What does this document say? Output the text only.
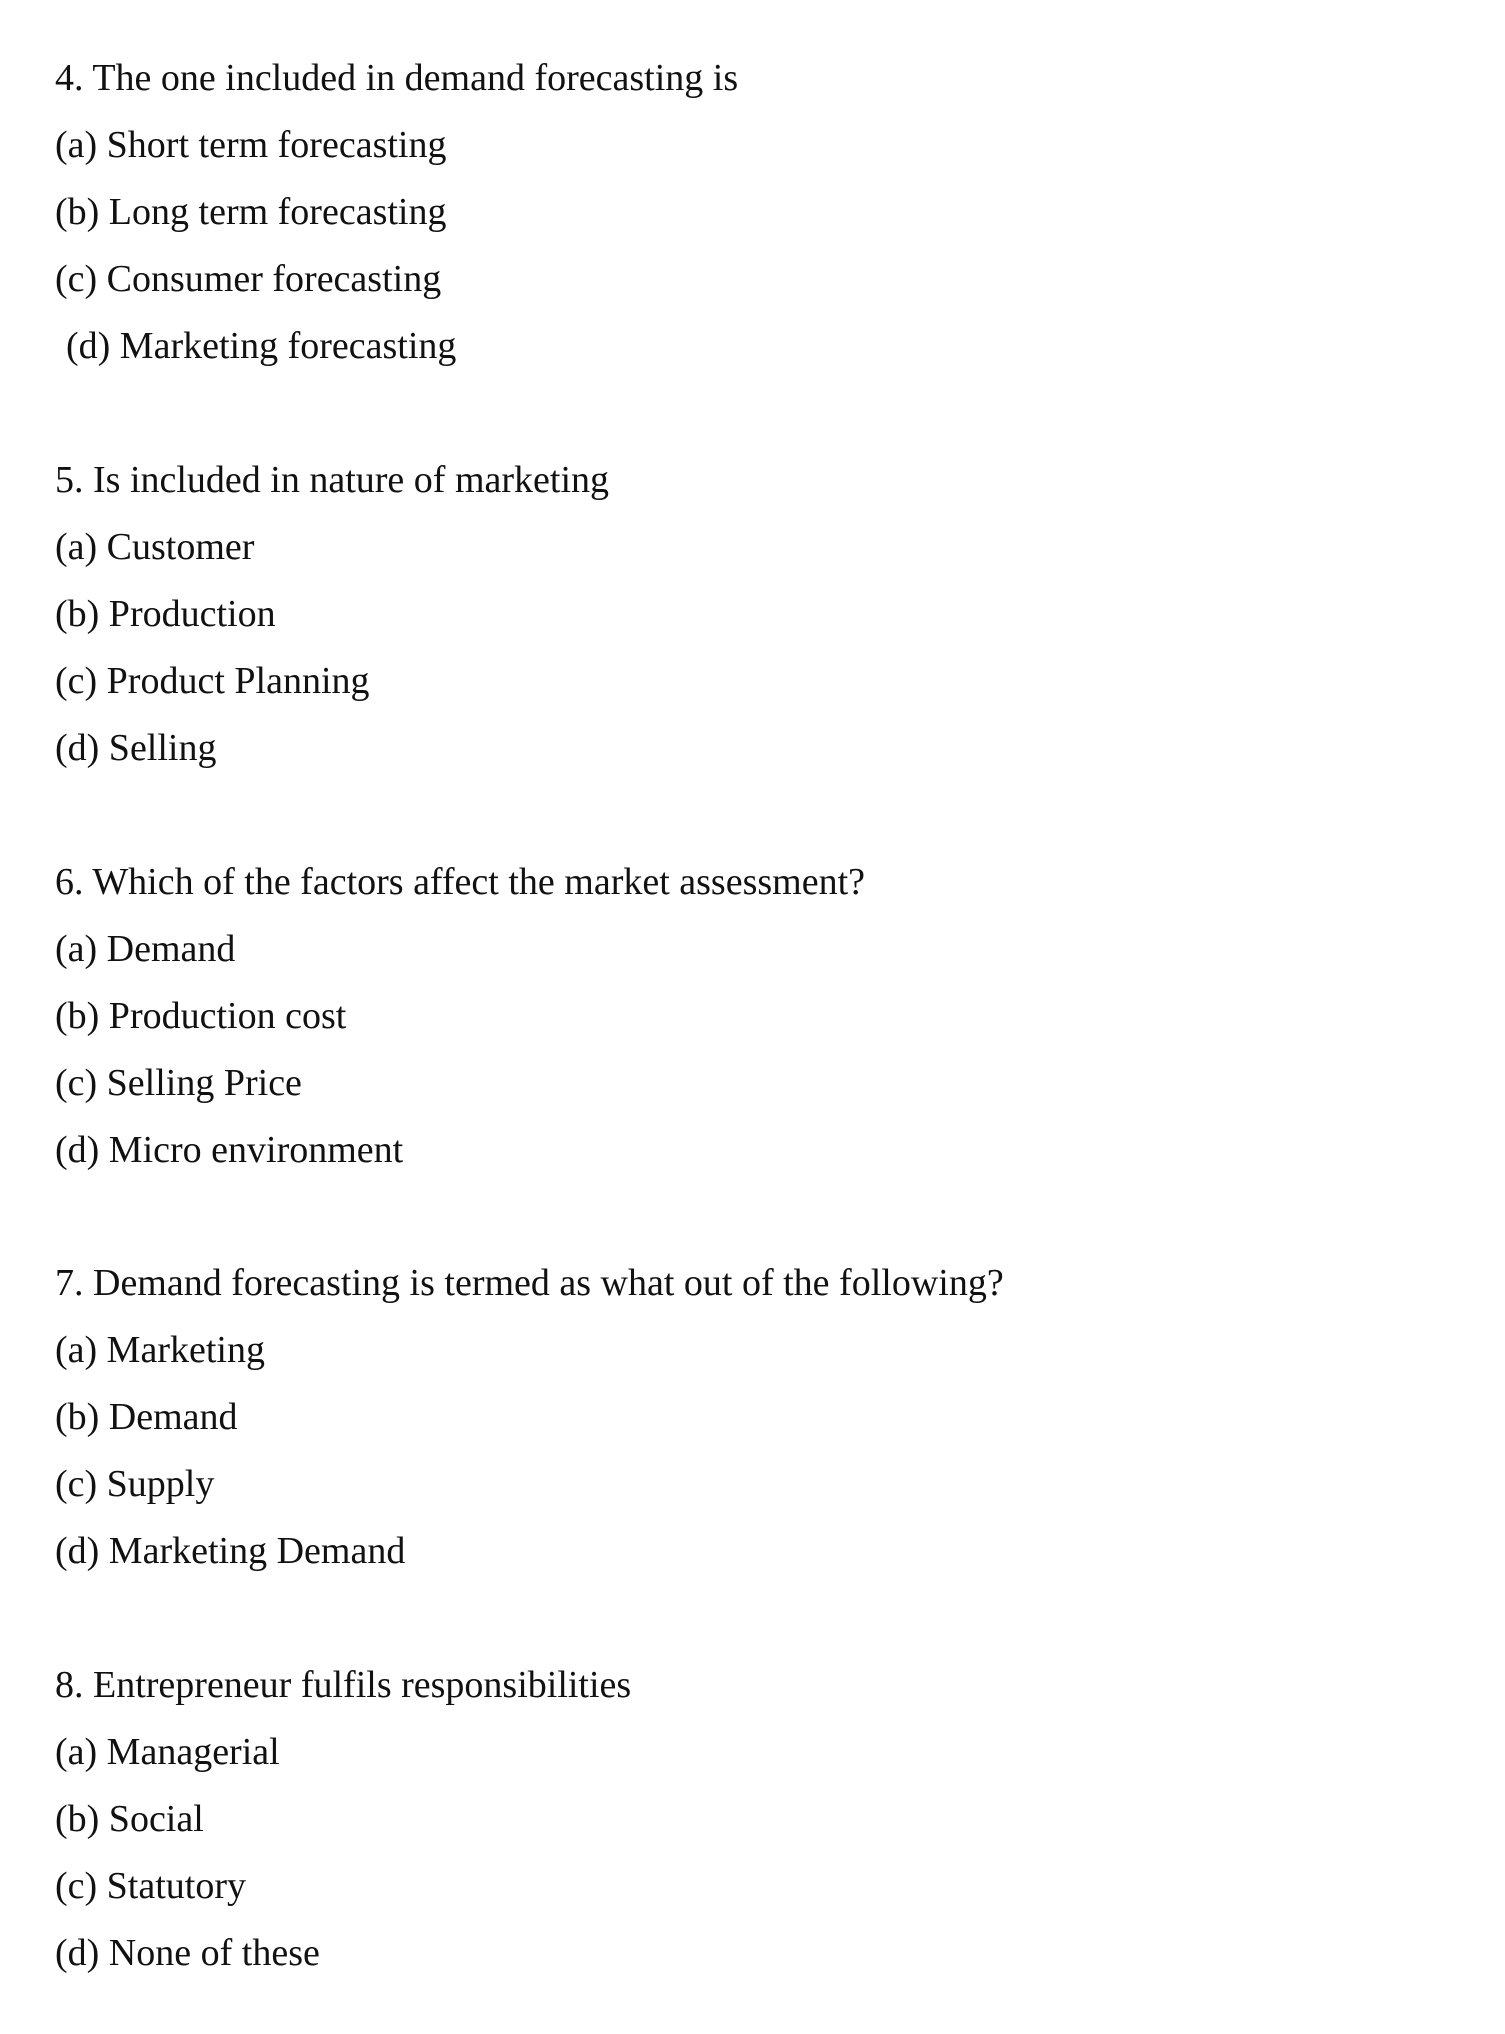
4. The one included in demand forecasting is
(a) Short term forecasting
(b) Long term forecasting
(c) Consumer forecasting
(d) Marketing forecasting
5. Is included in nature of marketing
(a) Customer
(b) Production
(c) Product Planning
(d) Selling
6. Which of the factors affect the market assessment?
(a) Demand
(b) Production cost
(c) Selling Price
(d) Micro environment
7. Demand forecasting is termed as what out of the following?
(a) Marketing
(b) Demand
(c) Supply
(d) Marketing Demand
8. Entrepreneur fulfils responsibilities
(a) Managerial
(b) Social
(c) Statutory
(d) None of these
